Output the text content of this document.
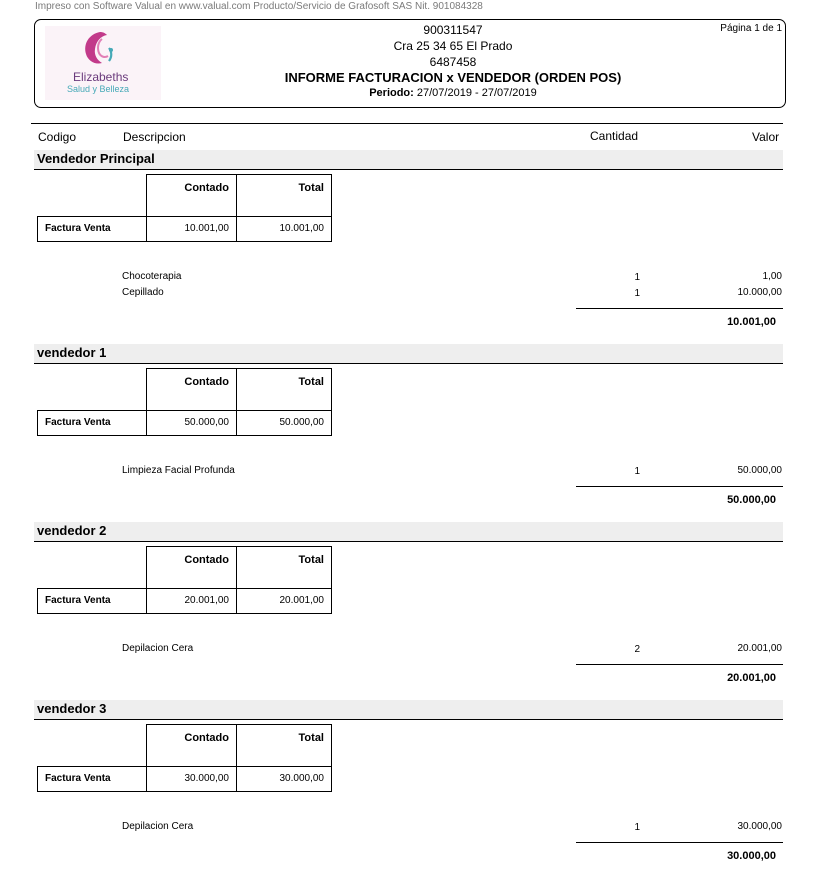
Impreso con Software Valual en www.valual.com Producto/Servicio de Grafosoft SAS Nit. 901084328
Elizabeths
Salud y Belleza
900311547
Cra 25 34 65 El Prado
6487458
INFORME FACTURACION x VENDEDOR (ORDEN POS)
Periodo: 27/07/2019 - 27/07/2019
Página 1 de 1
Codigo	Descripcion	Cantidad	Valor
Vendedor Principal
Contado	Total
Factura Venta	10.001,00	10.001,00
Chocoterapia	1	1,00
Cepillado	1	10.000,00
10.001,00
vendedor 1
Contado	Total
Factura Venta	50.000,00	50.000,00
Limpieza Facial Profunda	1	50.000,00
50.000,00
vendedor 2
Contado	Total
Factura Venta	20.001,00	20.001,00
Depilacion Cera	2	20.001,00
20.001,00
vendedor 3
Contado	Total
Factura Venta	30.000,00	30.000,00
Depilacion Cera	1	30.000,00
30.000,00
